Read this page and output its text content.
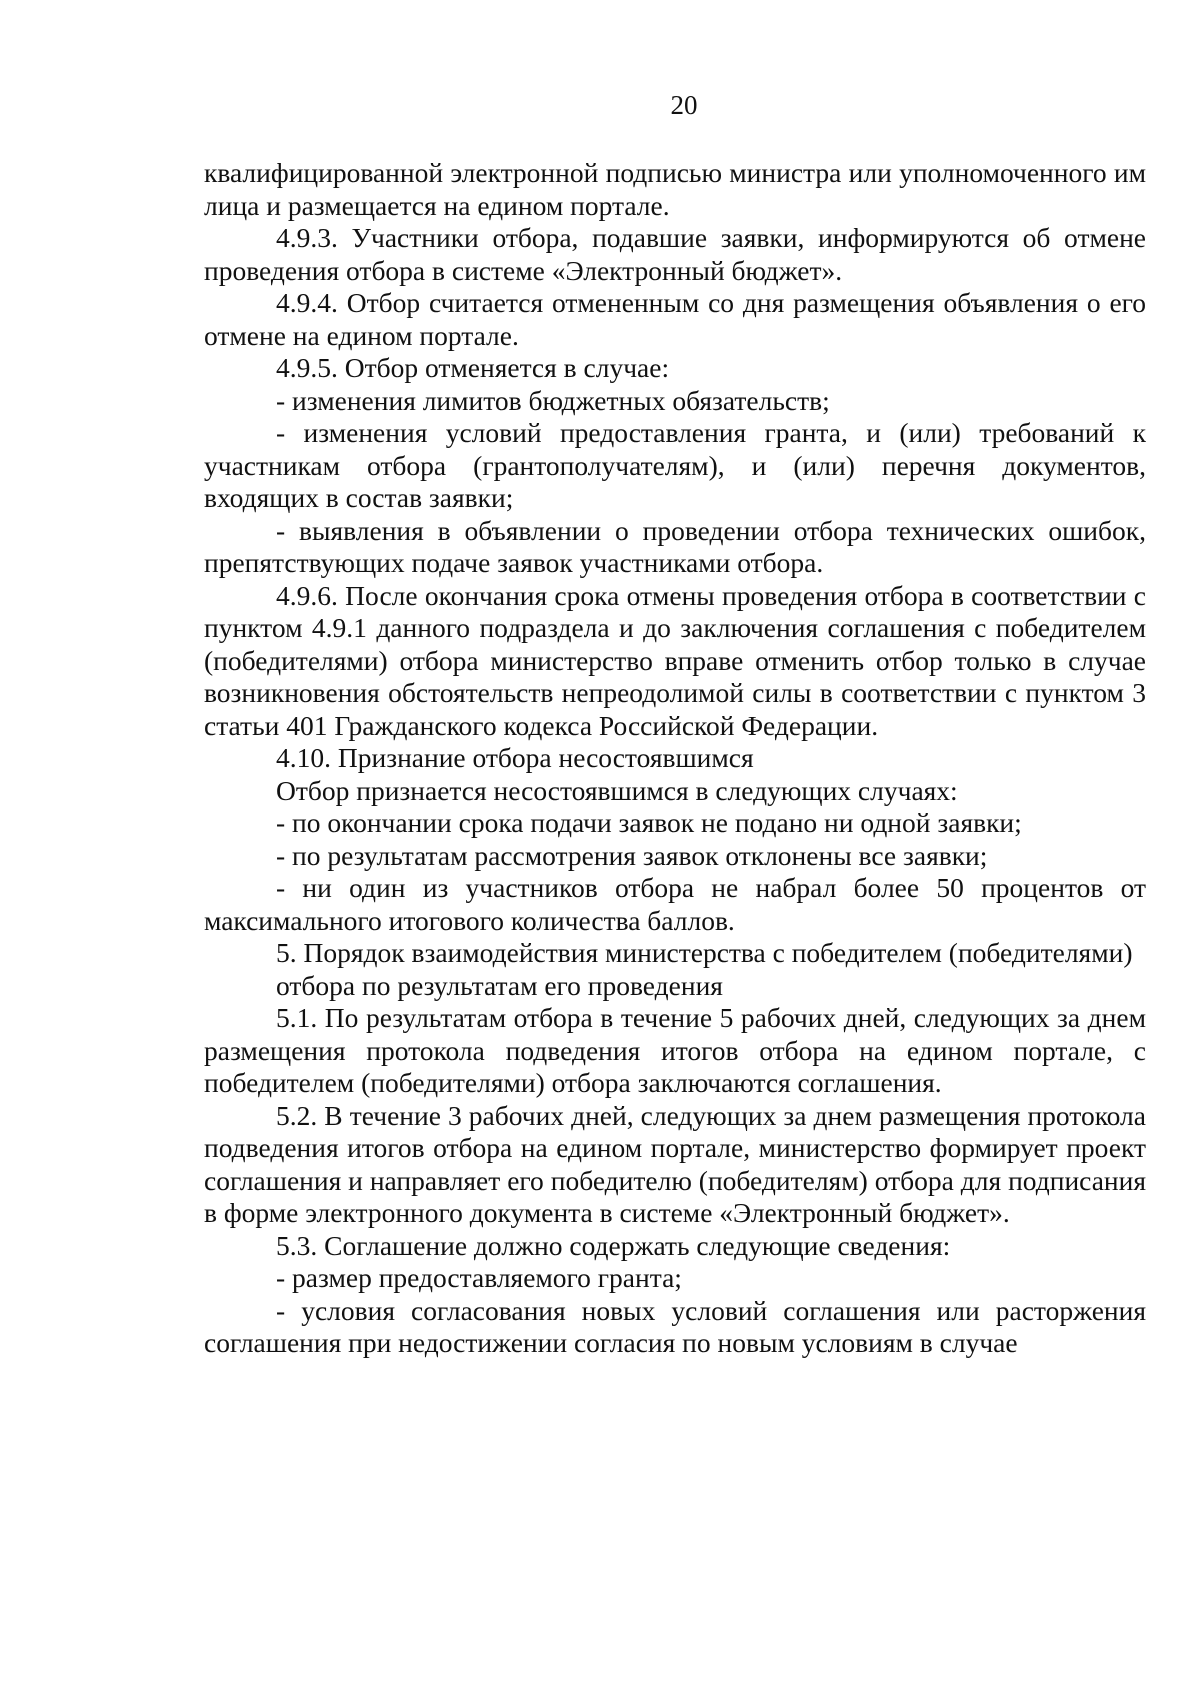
20

квалифицированной электронной подписью министра или уполномоченного им лица и размещается на едином портале.

4.9.3. Участники отбора, подавшие заявки, информируются об отмене проведения отбора в системе «Электронный бюджет».

4.9.4. Отбор считается отмененным со дня размещения объявления о его отмене на едином портале.

4.9.5. Отбор отменяется в случае:

- изменения лимитов бюджетных обязательств;

- изменения условий предоставления гранта, и (или) требований к участникам отбора (грантополучателям), и (или) перечня документов, входящих в состав заявки;

- выявления в объявлении о проведении отбора технических ошибок, препятствующих подаче заявок участниками отбора.

4.9.6. После окончания срока отмены проведения отбора в соответствии с пунктом 4.9.1 данного подраздела и до заключения соглашения с победителем (победителями) отбора министерство вправе отменить отбор только в случае возникновения обстоятельств непреодолимой силы в соответствии с пунктом 3 статьи 401 Гражданского кодекса Российской Федерации.

4.10. Признание отбора несостоявшимся

Отбор признается несостоявшимся в следующих случаях:

- по окончании срока подачи заявок не подано ни одной заявки;

- по результатам рассмотрения заявок отклонены все заявки;

- ни один из участников отбора не набрал более 50 процентов от максимального итогового количества баллов.

5. Порядок взаимодействия министерства с победителем (победителями)
отбора по результатам его проведения

5.1. По результатам отбора в течение 5 рабочих дней, следующих за днем размещения протокола подведения итогов отбора на едином портале, с победителем (победителями) отбора заключаются соглашения.

5.2. В течение 3 рабочих дней, следующих за днем размещения протокола подведения итогов отбора на едином портале, министерство формирует проект соглашения и направляет его победителю (победителям) отбора для подписания в форме электронного документа в системе «Электронный бюджет».

5.3. Соглашение должно содержать следующие сведения:

- размер предоставляемого гранта;

- условия согласования новых условий соглашения или расторжения соглашения при недостижении согласия по новым условиям в случае
